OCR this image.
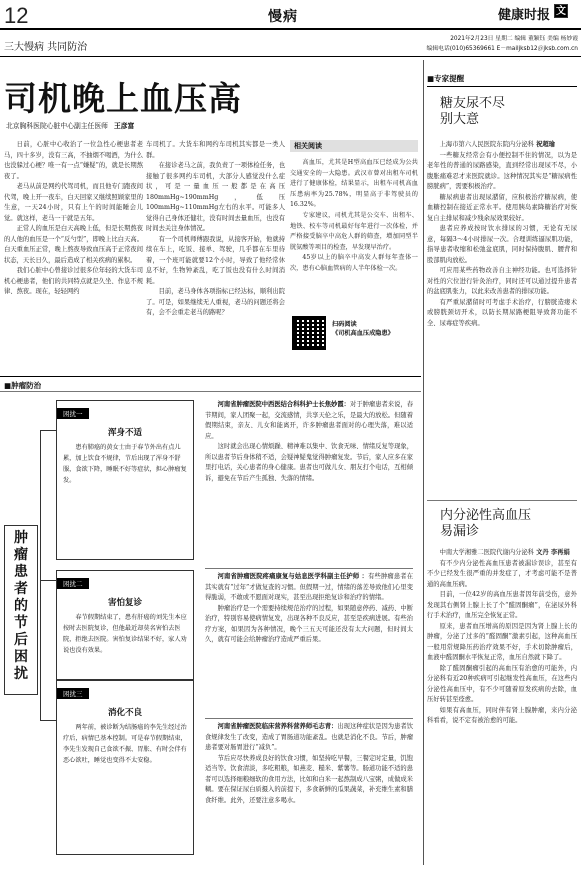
12	慢病	文
健康时报
三大慢病 共同防治
2021年2月23日 星期二 编辑 董颖钰 美编 杨妙霞
编辑电话(010)65369661 E－mailjksb12＠jksb.com.cn
司机晚上血压高
北京胸科医院心脏中心副主任医师 王彦富

日前，心脏中心收治了一位急性心梗患者老马，四十多岁，没有三高，不抽烟不喝酒，为什么也没躲过心梗？唯一有一点“嫌疑”的，就是长期熬夜了。

老马从前是网约代驾司机，而且他专门跑夜间代驾，晚上开一夜车，白天回家又继续照顾家里的生意，一天24小时，只有上午的时间能睡会儿觉。就这样，老马一干就是五年。

正常人的血压是白天高晚上低，但是长期熬夜的人他的血压是一个“反勺型”，即晚上比白天高。白天重血压正常，晚上熬夜导致血压高于正常夜间状态，天长日久，最后造成了相关疾病的累积。

我们心脏中心曾接诊过很多位年轻的大货车司机心梗患者，他们的共同特点就是久坐、作息不规律、熬夜。现在，轻轻网约

车司机了。大货车和网约车司机其实都是一类人群。

在接诊老马之前，我负责了一项体检任务，也接触了很多网约车司机，大部分人感觉没什么症状，可是一量血压一般都是在高压180mmHg~190mmHg，低压100mmHg~110mmHg左右的水平。可能多人觉得自己身体还健壮，没有时间去量血压，也没有时间去关注身体情况。

有一个司机师傅跟我说，从接客开始，他就持续在车上，吃饭、接单、驾驶，几乎都在车里待着，一个班可能就要12个小时，导致了他经常休息不好，生物钟紊乱，吃了饭也没有什么时间消耗。

目前，老马身体各项指标已经达标，顺利出院了。可是，如果继续无人重视，老马的问题还将会有，会不会重走老马的路呢？

相关阅读

高血压，尤其是H型高血压已经成为公共交通安全的一大隐患。武汉市曾对出租车司机进行了健康体检，结果显示，出租车司机高血压患病率为25.78%，明显高于非驾驶员的16.32%。

专家建议，司机尤其是公交车、出租车、地铁、校车等司机最好每年进行一次体检，并严格接受脑卒中高危人群的筛查，增加同型半胱氨酸等项目的检查，早发现早治疗。

45岁以上的脑卒中高发人群每年查体一次，患有心脑血管病的人半年体检一次。

扫码阅读
《司机高血压成隐患》
■专家提醒
糖友尿不尽
别大意
上海市第六人民医院东院内分泌科 祝超瑜

一些糖友经常会有小便控制不住的情况，以为是老年性的普通的尿路感染，直到经常出现尿不尽，小腹胀痛难忍才来医院就诊。这种情况其实是“糖尿病性膀胱病”，需要积极治疗。

糖尿病患者出现尿潴留，应积极治疗糖尿病，使血糖控制在接近正常水平。使用胰岛素降糖治疗对恢复自主排尿和减少残余尿效果较好。

患者应养成按时饮水排尿的习惯，无论有无尿意，每隔3～4小时排尿一次。合理训练逼尿肌功能，指导患者收缩和松弛盆底肌，同时保持腹肌、腰背和股部肌肉放松。

可应用某些药物改善自主神经功能。也可选择针对性的穴位进行针灸治疗，同时还可以通过提升患者的盆底肌张力，以此来改善患者的排尿功能。

有严重尿潴留时可考虑手术治疗，行膀胱造瘘术或膀胱颈切开术，以防长期尿路梗阻导致肾功能不全、尿毒症等疾病。

内分泌性高血压
易漏诊
中南大学湘雅二医院代谢内分泌科 文丹 李再娟

有不少内分泌性高血压患者被漏诊误诊，甚至有不少已经发生很严重的并发症了，才考虑可能不是普通的高血压病。

目前，一位42岁的高血压患者因年前受伤，意外发现其右侧肾上腺上长了个“醛固酮瘤”，在泌尿外科行手术治疗，血压完全恢复正常。

原来，患者血压增高的原因是因为肾上腺上长的肿瘤，分泌了过多的“醛固酮”激素引起，这种高血压一般用常规降压药治疗效果不好，手术切除肿瘤后，血液中醛固酮水平恢复正常，血压自然就下降了。

除了醛固酮瘤引起的高血压有治愈的可能外，内分泌科有近20种疾病可引起继发性高血压，在这些内分泌性高血压中，有不少可随着原发疾病的去除，血压好转甚至痊愈。

如果有高血压，同时伴有肾上腺肿瘤，来内分泌科看看，说不定有被治愈的可能。

■肿瘤防治
肿瘤患者的节后困扰
困扰一
浑身不适

患有肺癌的黄女士由于春节外出有点儿累，加上饮食不规律，节后出现了浑身不舒服，食欲下降，睡眠不好等症状，担心肿瘤复发。

困扰二
害怕复诊

春节假期结束了，患有肝癌的刘先生本应按时去医院复诊，但他最近却莫名害怕去医院，拒绝去医院。害怕复诊结果不好，家人劝说也没有效果。

困扰三
消化不良

两年前，被诊断为结肠癌的李先生经过治疗后，病情已基本控制。可是春节假期结束，李先生发现自己食欲不振、胃胀、有时会伴有恶心欲吐，睡觉也变得不太安稳。

河南省肿瘤医院中西医结合科科护士长焦妙霞：对于肿瘤患者来说，春节期间，家人团聚一起，交流感情，共享天伦之乐，是最大的放松。但随着假期结束，亲友、儿女和能离开，许多肿瘤患者面对的心理失落，难以适应。

这时就会出现心情烦躁、精神难以集中、饮食无味、情绪反复等现象，所以患者节后身体稍不适，会疑神疑鬼觉得肿瘤复发。节后，家人应多在家里打电话，关心患者的身心健康。患者也可做儿女、朋友打个电话，互相倾诉，避免在节后产生孤独、失落的情绪。

河南省肿瘤医院疼痛康复与姑息医学科副主任护师 ：有些肿瘤患者在其实就有“过年”才做复查的习惯。但假期一过，情绪的落差导致他们心里变得脆弱，不敢或不愿面对现实，甚至出现拒绝复诊和治疗的情绪。

肿瘤治疗是一个需要持续规范治疗的过程，如果随意停药、减药、中断治疗，特别容易使病情复发，出现各种不良反应，甚至是疾病进展。有些治疗方案，如果因为各种情况，晚个三五天可能还没有太大问题，但时间太久，就有可能会给肿瘤治疗造成严重后果。

河南省肿瘤医院临床营养科营养师毛志青：出现这种症状是因为患者饮食规律发生了改变，造成了胃肠道功能紊乱。也就是消化不良。节后，肿瘤患者要对肠胃进行“减负”。

节后应尽快养成良好的饮食习惯，如坚持吃早餐，三餐定时定量，饥饱适当等。饮食清淡，多吃粗粮，如燕麦、糙米、紫薯等。肠道功能不适的患者可以选择细粮细软的食用方法，比如和白米一起熬制成八宝粥，成做成米糊。要在保证尿白质摄入的前提下，多食新鲜的瓜果蔬菜，补充维生素和膳食纤维。此外，还要注意多喝水。
